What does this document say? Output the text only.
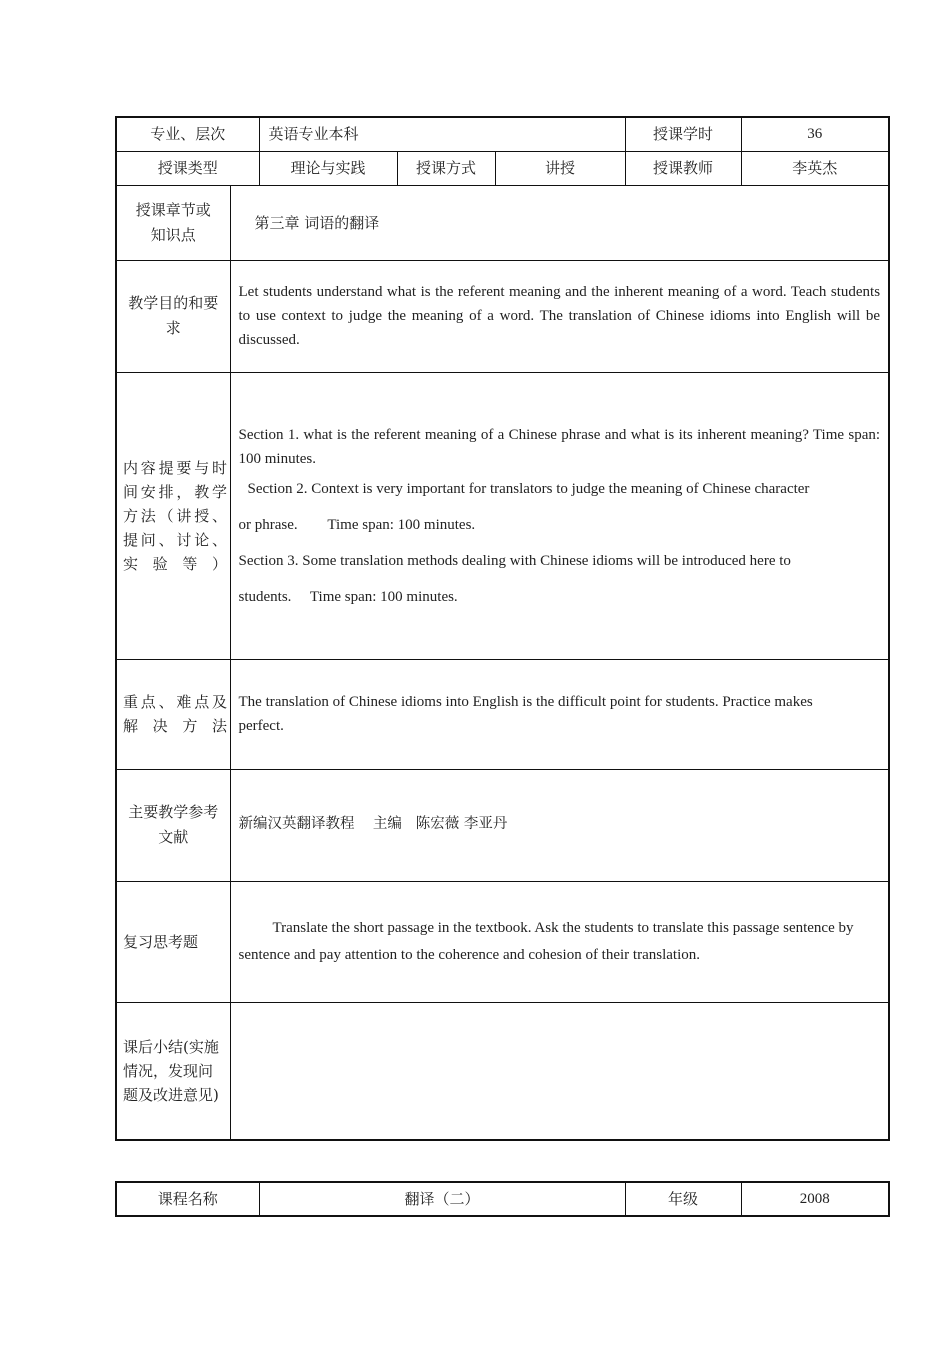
专业、层次		英语专业本科			授课学时	36
授课类型		理论与实践	授课方式	讲授	授课教师	李英杰

授课章节或知识点	第三章 词语的翻译					

教学目的和要求	Let students understand what is the referent meaning and the inherent meaning of a word. Teach students to use context to judge the meaning of a word. The translation of Chinese idioms into English will be discussed.					

内容提要与时间安排，教学方法（讲授、提问、讨论、实验等）	Section 1. what is the referent meaning of a Chinese phrase and what is its inherent meaning? Time span: 100 minutes.

Section 2. Context is very important for translators to judge the meaning of Chinese character

or phrase.        Time span: 100 minutes.

Section 3. Some translation methods dealing with Chinese idioms will be introduced here to

students.     Time span: 100 minutes.					

重点、难点及解决方法	The translation of Chinese idioms into English is the difficult point for students. Practice makes perfect.					

主要教学参考文献	新编汉英翻译教程    主编   陈宏薇 李亚丹					
复习思考题	Translate the short passage in the textbook. Ask the students to translate this passage sentence by sentence and pay attention to the coherence and cohesion of their translation.					

课后小结(实施情况，发现问题及改进意见)						

课程名称	翻译（二）	年级	2008
